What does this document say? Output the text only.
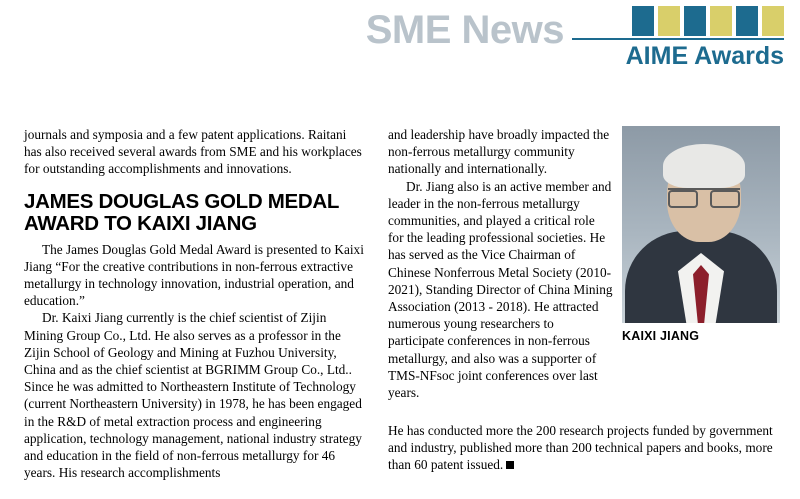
SME News
AIME Awards

journals and symposia and a few patent applications. Raitani has also received several awards from SME and his workplaces for outstanding accomplishments and innovations.

JAMES DOUGLAS GOLD MEDAL AWARD TO KAIXI JIANG

The James Douglas Gold Medal Award is presented to Kaixi Jiang “For the creative contributions in non-ferrous extractive metallurgy in technology innovation, industrial operation, and education.”

Dr. Kaixi Jiang currently is the chief scientist of Zijin Mining Group Co., Ltd. He also serves as a professor in the Zijin School of Geology and Mining at Fuzhou University, China and as the chief scientist at BGRIMM Group Co., Ltd.. Since he was admitted to Northeastern Institute of Technology (current Northeastern University) in 1978, he has been engaged in the R&D of metal extraction process and engineering application, technology management, national industry strategy and education in the field of non-ferrous metallurgy for 46 years. His research accomplishments

and leadership have broadly impacted the non-ferrous metallurgy community nationally and internationally.

Dr. Jiang also is an active member and leader in the non-ferrous metallurgy communities, and played a critical role for the leading professional societies. He has served as the Vice Chairman of Chinese Nonferrous Metal Society (2010-2021), Standing Director of China Mining Association (2013 - 2018). He attracted numerous young researchers to participate conferences in non-ferrous metallurgy, and also was a supporter of TMS-NFsoc joint conferences over last years.

KAIXI JIANG

He has conducted more the 200 research projects funded by government and industry, published more than 200 technical papers and books, more than 60 patent issued.
